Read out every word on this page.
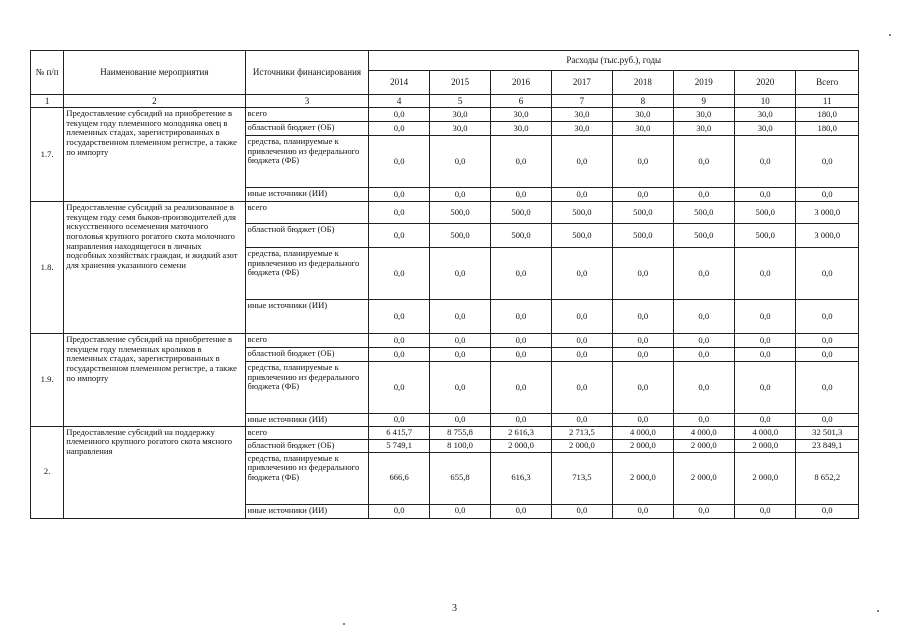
№ п/п	Наименование мероприятия	Источники финансирования	Расходы (тыс.руб.), годы							
			2014	2015	2016	2017	2018	2019	2020	Всего
1	2	3	4	5	6	7	8	9	10	11
1.7.	Предоставление субсидий на приобретение в текущем году племенного молодняка овец в племенных стадах, зарегистрированных в государственном племенном регистре, а также по импорту	всего	0,0	30,0	30,0	30,0	30,0	30,0	30,0	180,0
		областной бюджет (ОБ)	0,0	30,0	30,0	30,0	30,0	30,0	30,0	180,0
		средства, планируемые к привлечению из федерального бюджета (ФБ)	0,0	0,0	0,0	0,0	0,0	0,0	0,0	0,0
		иные источники (ИИ)	0,0	0,0	0,0	0,0	0,0	0,0	0,0	0,0
1.8.	Предоставление субсидий за реализованное в текущем году семя быков-производителей для искусственного осеменения маточного поголовья крупного рогатого скота молочного направления находящегося в личных подсобных хозяйствах граждан, и жидкий азот для хранения указанного семени	всего	0,0	500,0	500,0	500,0	500,0	500,0	500,0	3 000,0
		областной бюджет (ОБ)	0,0	500,0	500,0	500,0	500,0	500,0	500,0	3 000,0
		средства, планируемые к привлечению из федерального бюджета (ФБ)	0,0	0,0	0,0	0,0	0,0	0,0	0,0	0,0
		иные источники (ИИ)	0,0	0,0	0,0	0,0	0,0	0,0	0,0	0,0
1.9.	Предоставление субсидий на приобретение в текущем году племенных кроликов в племенных стадах, зарегистрированных в государственном племенном регистре, а также по импорту	всего	0,0	0,0	0,0	0,0	0,0	0,0	0,0	0,0
		областной бюджет (ОБ)	0,0	0,0	0,0	0,0	0,0	0,0	0,0	0,0
		средства, планируемые к привлечению из федерального бюджета (ФБ)	0,0	0,0	0,0	0,0	0,0	0,0	0,0	0,0
		иные источники (ИИ)	0,0	0,0	0,0	0,0	0,0	0,0	0,0	0,0
2.	Предоставление субсидий на поддержку племенного крупного рогатого скота мясного направления	всего	6 415,7	8 755,8	2 616,3	2 713,5	4 000,0	4 000,0	4 000,0	32 501,3
		областной бюджет (ОБ)	5 749,1	8 100,0	2 000,0	2 000,0	2 000,0	2 000,0	2 000,0	23 849,1
		средства, планируемые к привлечению из федерального бюджета (ФБ)	666,6	655,8	616,3	713,5	2 000,0	2 000,0	2 000,0	8 652,2
		иные источники (ИИ)	0,0	0,0	0,0	0,0	0,0	0,0	0,0	0,0
3
